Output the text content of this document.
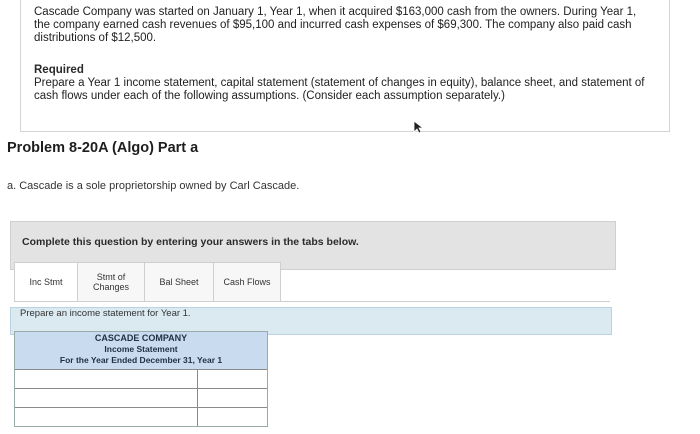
Cascade Company was started on January 1, Year 1, when it acquired $163,000 cash from the owners. During Year 1, the company earned cash revenues of $95,100 and incurred cash expenses of $69,300. The company also paid cash distributions of $12,500.
Required
Prepare a Year 1 income statement, capital statement (statement of changes in equity), balance sheet, and statement of cash flows under each of the following assumptions. (Consider each assumption separately.)
Problem 8-20A (Algo) Part a
a. Cascade is a sole proprietorship owned by Carl Cascade.
Complete this question by entering your answers in the tabs below.
Inc Stmt	Stmt of
Changes	Bal Sheet	Cash Flows
Prepare an income statement for Year 1.
CASCADE COMPANY
Income Statement
For the Year Ended December 31, Year 1
